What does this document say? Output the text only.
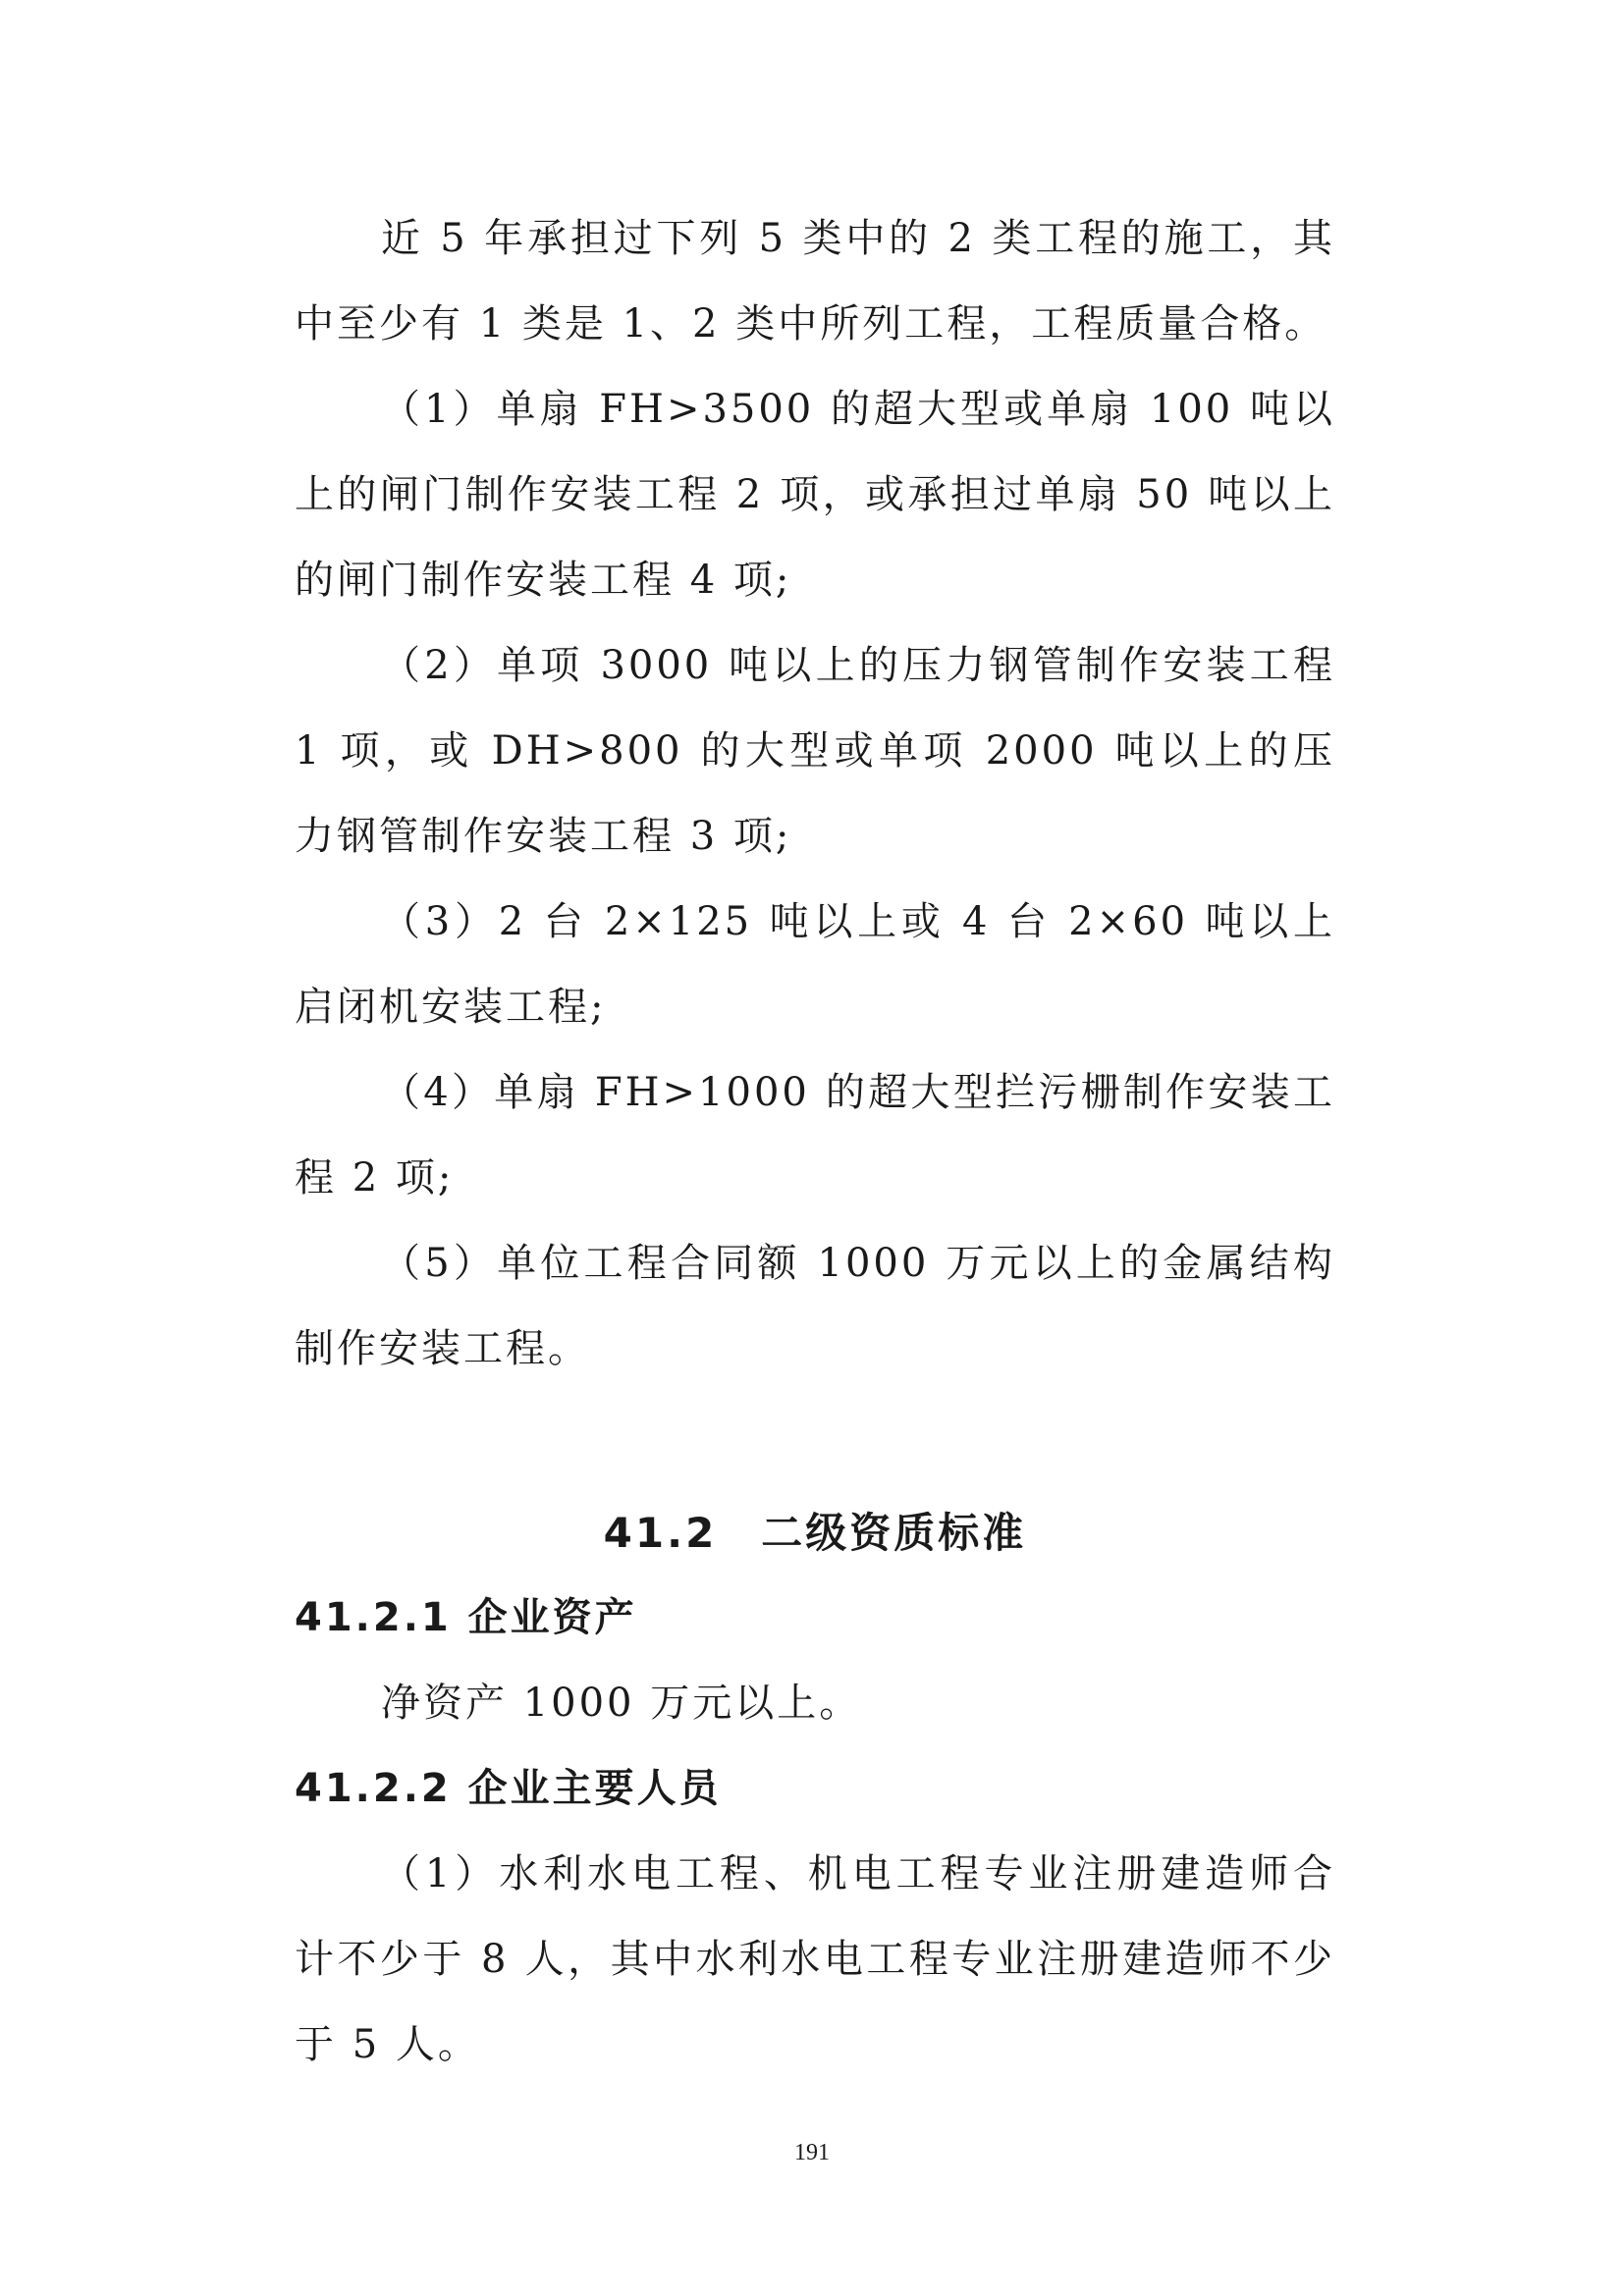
近 5 年承担过下列 5 类中的 2 类工程的施工，其中至少有 1 类是 1、2 类中所列工程，工程质量合格。

（1）单扇 FH>3500 的超大型或单扇 100 吨以上的闸门制作安装工程 2 项，或承担过单扇 50 吨以上的闸门制作安装工程 4 项;

（2）单项 3000 吨以上的压力钢管制作安装工程 1 项，或 DH>800 的大型或单项 2000 吨以上的压力钢管制作安装工程 3 项;

（3）2 台 2×125 吨以上或 4 台 2×60 吨以上启闭机安装工程;

（4）单扇 FH>1000 的超大型拦污栅制作安装工程 2 项;

（5）单位工程合同额 1000 万元以上的金属结构制作安装工程。

41.2　二级资质标准
41.2.1 企业资产

净资产 1000 万元以上。

41.2.2 企业主要人员

（1）水利水电工程、机电工程专业注册建造师合计不少于 8 人，其中水利水电工程专业注册建造师不少于 5 人。

191
